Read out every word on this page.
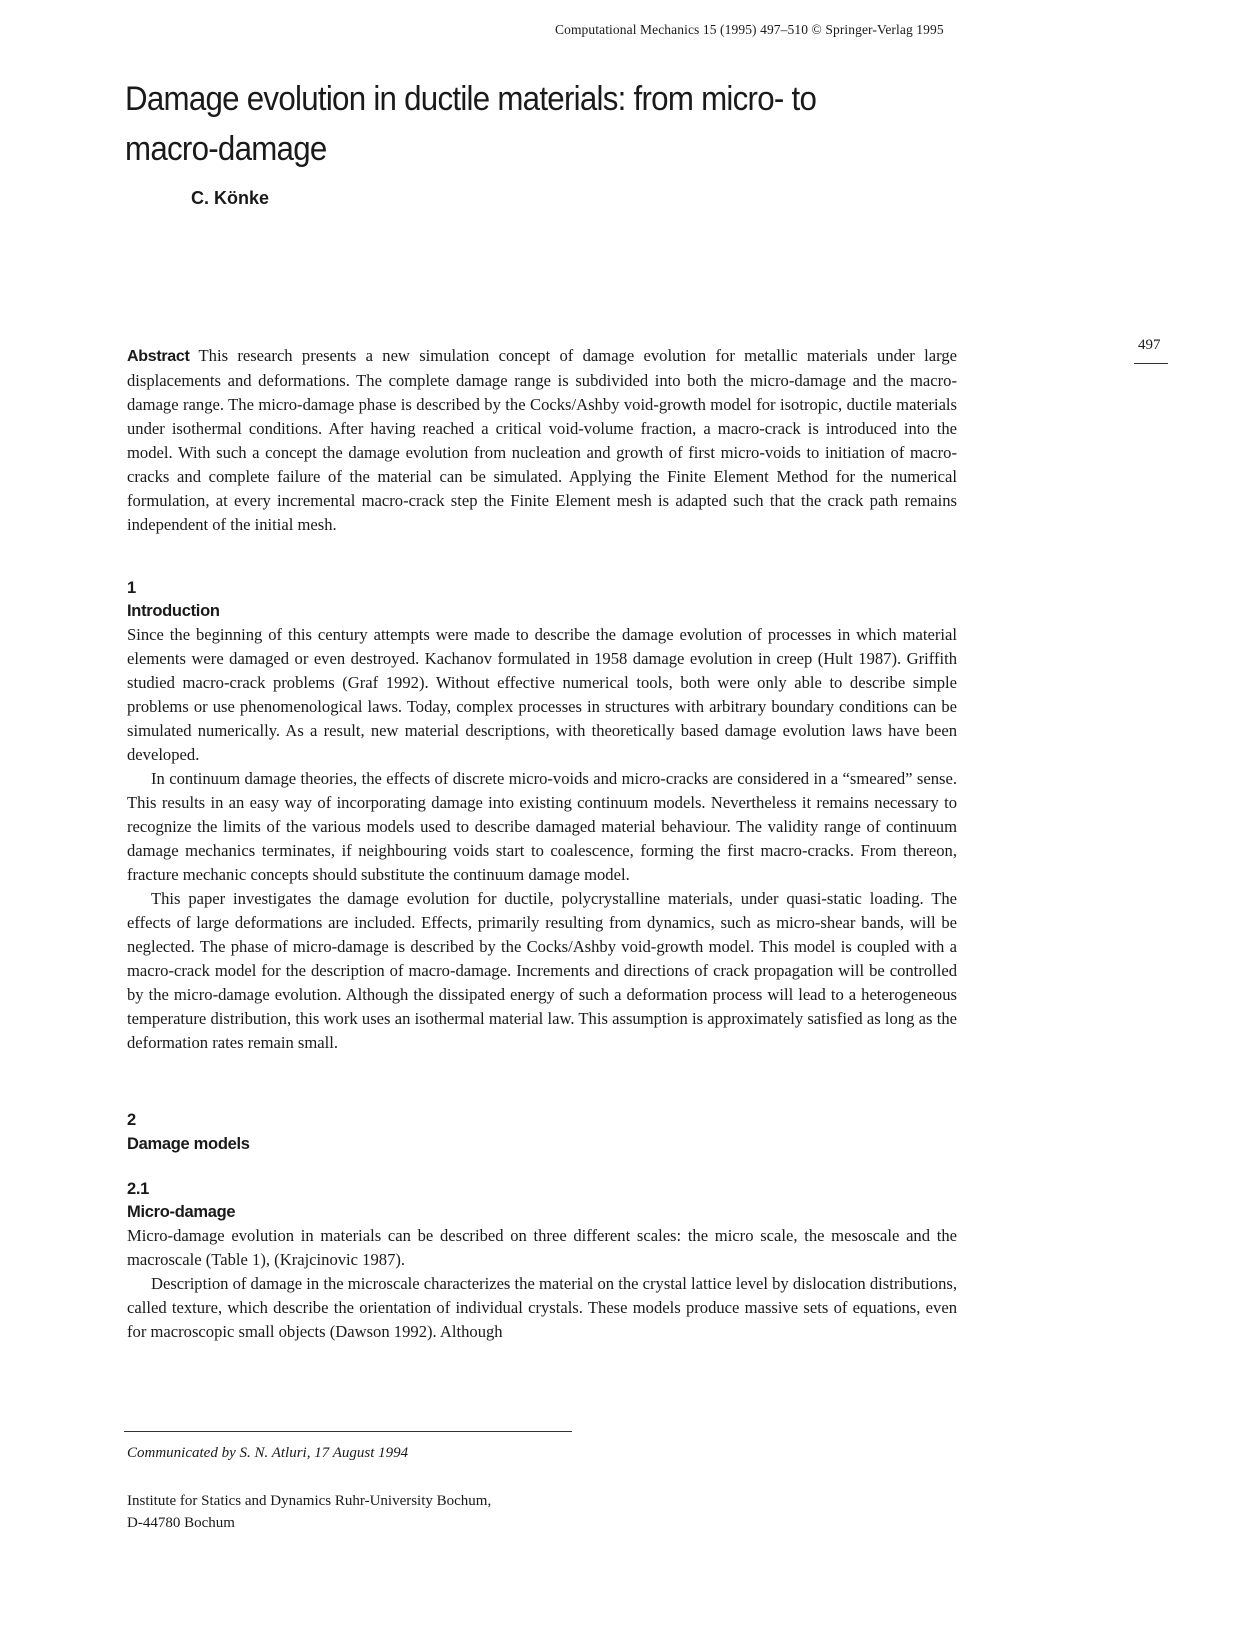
Computational Mechanics 15 (1995) 497–510 © Springer-Verlag 1995
Damage evolution in ductile materials: from micro- to
macro-damage
C. Könke
497

Abstract This research presents a new simulation concept of damage evolution for metallic materials under large displacements and deformations. The complete damage range is subdivided into both the micro-damage and the macro-damage range. The micro-damage phase is described by the Cocks/Ashby void-growth model for isotropic, ductile materials under isothermal conditions. After having reached a critical void-volume fraction, a macro-crack is introduced into the model. With such a concept the damage evolution from nucleation and growth of first micro-voids to initiation of macro-cracks and complete failure of the material can be simulated. Applying the Finite Element Method for the numerical formulation, at every incremental macro-crack step the Finite Element mesh is adapted such that the crack path remains independent of the initial mesh.

1
Introduction

Since the beginning of this century attempts were made to describe the damage evolution of processes in which material elements were damaged or even destroyed. Kachanov formulated in 1958 damage evolution in creep (Hult 1987). Griffith studied macro-crack problems (Graf 1992). Without effective numerical tools, both were only able to describe simple problems or use phenomenological laws. Today, complex processes in structures with arbitrary boundary conditions can be simulated numerically. As a result, new material descriptions, with theoretically based damage evolution laws have been developed.

In continuum damage theories, the effects of discrete micro-voids and micro-cracks are considered in a “smeared” sense. This results in an easy way of incorporating damage into existing continuum models. Nevertheless it remains necessary to recognize the limits of the various models used to describe damaged material behaviour. The validity range of continuum damage mechanics terminates, if neighbouring voids start to coalescence, forming the first macro-cracks. From thereon, fracture mechanic concepts should substitute the continuum damage model.

This paper investigates the damage evolution for ductile, polycrystalline materials, under quasi-static loading. The effects of large deformations are included. Effects, primarily resulting from dynamics, such as micro-shear bands, will be neglected. The phase of micro-damage is described by the Cocks/Ashby void-growth model. This model is coupled with a macro-crack model for the description of macro-damage. Increments and directions of crack propagation will be controlled by the micro-damage evolution. Although the dissipated energy of such a deformation process will lead to a heterogeneous temperature distribution, this work uses an isothermal material law. This assumption is approximately satisfied as long as the deformation rates remain small.

2
Damage models
2.1
Micro-damage

Micro-damage evolution in materials can be described on three different scales: the micro scale, the mesoscale and the macroscale (Table 1), (Krajcinovic 1987).

Description of damage in the microscale characterizes the material on the crystal lattice level by dislocation distributions, called texture, which describe the orientation of individual crystals. These models produce massive sets of equations, even for macroscopic small objects (Dawson 1992). Although

Communicated by S. N. Atluri, 17 August 1994
Institute for Statics and Dynamics Ruhr-University Bochum,
D-44780 Bochum
